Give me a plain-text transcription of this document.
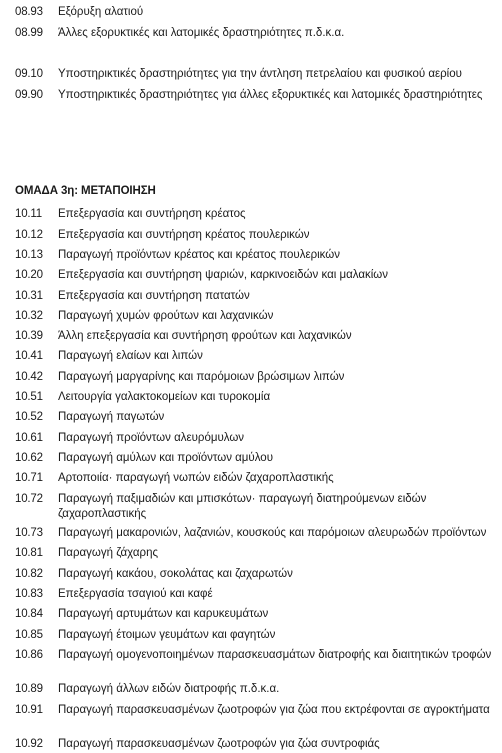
08.93 Εξόρυξη αλατιού
08.99 Άλλες εξορυκτικές και λατομικές δραστηριότητες π.δ.κ.α.
09.10 Υποστηρικτικές δραστηριότητες για την άντληση πετρελαίου και φυσικού αερίου
09.90 Υποστηρικτικές δραστηριότητες για άλλες εξορυκτικές και λατομικές δραστηριότητες
ΟΜΑΔΑ 3η: ΜΕΤΑΠΟΙΗΣΗ
10.11 Επεξεργασία και συντήρηση κρέατος
10.12 Επεξεργασία και συντήρηση κρέατος πουλερικών
10.13 Παραγωγή προϊόντων κρέατος και κρέατος πουλερικών
10.20 Επεξεργασία και συντήρηση ψαριών, καρκινοειδών και μαλακίων
10.31 Επεξεργασία και συντήρηση πατατών
10.32 Παραγωγή χυμών φρούτων και λαχανικών
10.39 Άλλη επεξεργασία και συντήρηση φρούτων και λαχανικών
10.41 Παραγωγή ελαίων και λιπών
10.42 Παραγωγή μαργαρίνης και παρόμοιων βρώσιμων λιπών
10.51 Λειτουργία γαλακτοκομείων και τυροκομία
10.52 Παραγωγή παγωτών
10.61 Παραγωγή προϊόντων αλευρόμυλων
10.62 Παραγωγή αμύλων και προϊόντων αμύλου
10.71 Αρτοποιία· παραγωγή νωπών ειδών ζαχαροπλαστικής
10.72 Παραγωγή παξιμαδιών και μπισκότων· παραγωγή διατηρούμενων ειδών ζαχαροπλαστικής
10.73 Παραγωγή μακαρονιών, λαζανιών, κουσκούς και παρόμοιων αλευρωδών προϊόντων
10.81 Παραγωγή ζάχαρης
10.82 Παραγωγή κακάου, σοκολάτας και ζαχαρωτών
10.83 Επεξεργασία τσαγιού και καφέ
10.84 Παραγωγή αρτυμάτων και καρυκευμάτων
10.85 Παραγωγή έτοιμων γευμάτων και φαγητών
10.86 Παραγωγή ομογενοποιημένων παρασκευασμάτων διατροφής και διαιτητικών τροφών
10.89 Παραγωγή άλλων ειδών διατροφής π.δ.κ.α.
10.91 Παραγωγή παρασκευασμένων ζωοτροφών για ζώα που εκτρέφονται σε αγροκτήματα
10.92 Παραγωγή παρασκευασμένων ζωοτροφών για ζώα συντροφιάς
